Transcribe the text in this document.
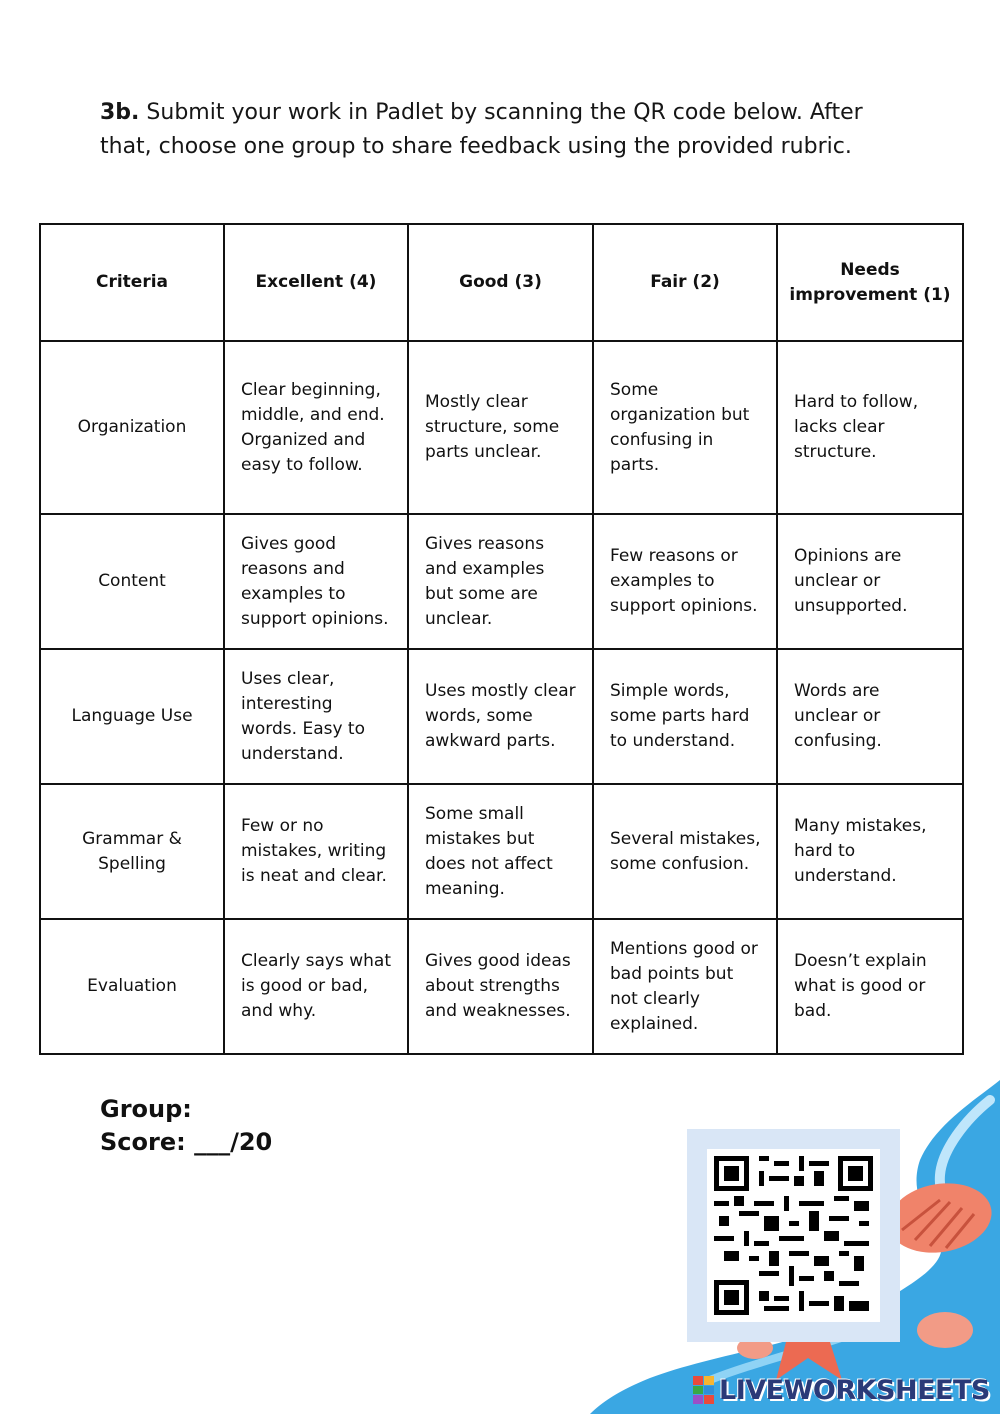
3b. Submit your work in Padlet by scanning the QR code below. After that, choose one group to share feedback using the provided rubric.
Criteria	Excellent (4)	Good (3)	Fair (2)	Needs improvement (1)
Organization	Clear beginning, middle, and end. Organized and easy to follow.	Mostly clear structure, some parts unclear.	Some organization but confusing in parts.	Hard to follow, lacks clear structure.
Content	Gives good reasons and examples to support opinions.	Gives reasons and examples but some are unclear.	Few reasons or examples to support opinions.	Opinions are unclear or unsupported.
Language Use	Uses clear, interesting words. Easy to understand.	Uses mostly clear words, some awkward parts.	Simple words, some parts hard to understand.	Words are unclear or confusing.
Grammar & Spelling	Few or no mistakes, writing is neat and clear.	Some small mistakes but does not affect meaning.	Several mistakes, some confusion.	Many mistakes, hard to understand.
Evaluation	Clearly says what is good or bad, and why.	Gives good ideas about strengths and weaknesses.	Mentions good or bad points but not clearly explained.	Doesn’t explain what is good or bad.
Group:
Score: ___/20
LIVEWORKSHEETS
